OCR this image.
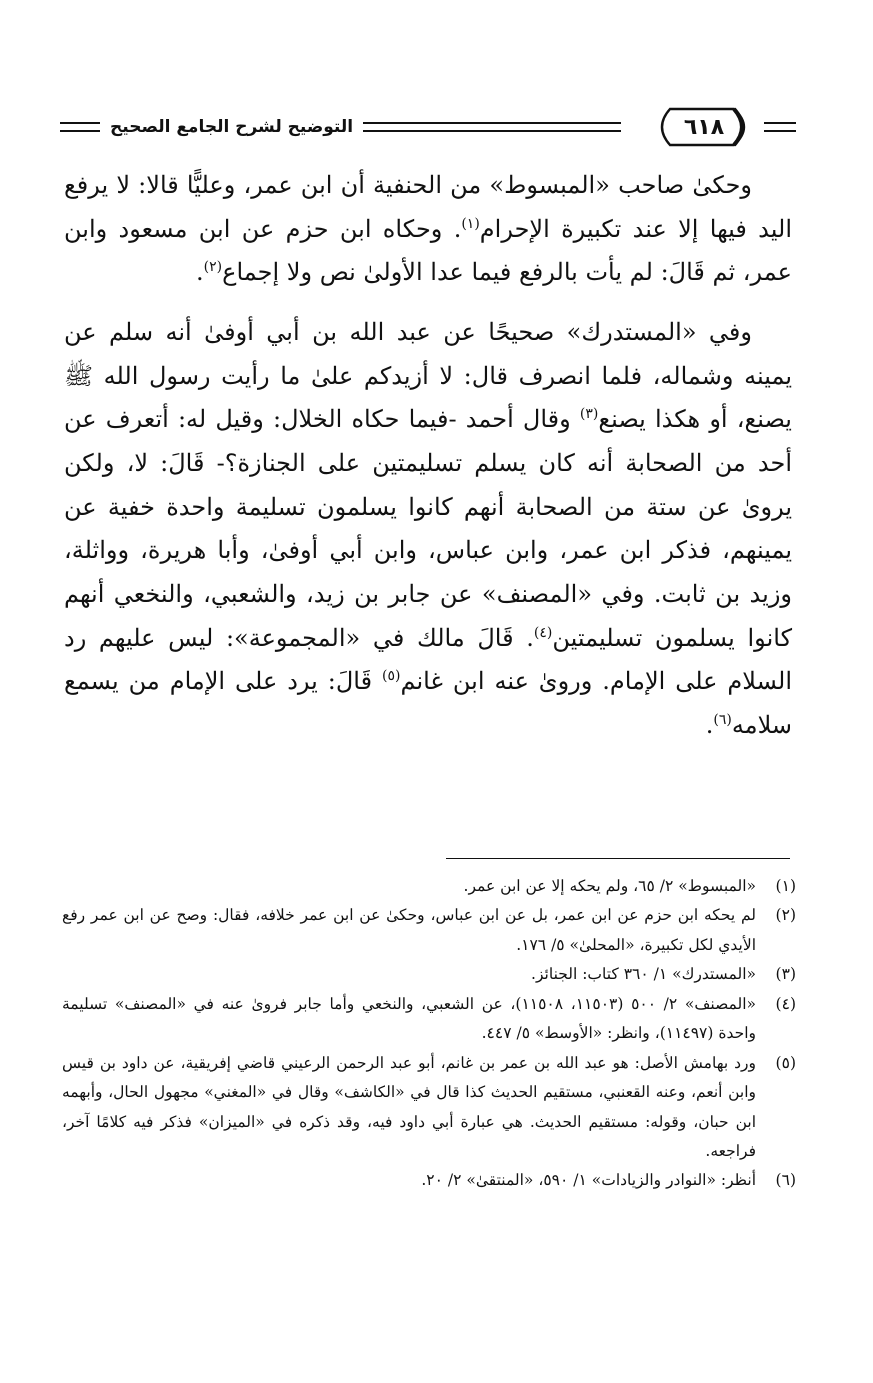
التوضيح لشرح الجامع الصحيح	٦١٨

وحكىٰ صاحب «المبسوط» من الحنفية أن ابن عمر، وعليًّا قالا: لا يرفع اليد فيها إلا عند تكبيرة الإحرام$^{(١)}$. وحكاه ابن حزم عن ابن مسعود وابن عمر، ثم قَالَ: لم يأت بالرفع فيما عدا الأولىٰ نص ولا إجماع$^{(٢)}$.

وفي «المستدرك» صحيحًا عن عبد الله بن أبي أوفىٰ أنه سلم عن يمينه وشماله، فلما انصرف قال: لا أزيدكم علىٰ ما رأيت رسول الله ﷺ يصنع، أو هكذا يصنع$^{(٣)}$ وقال أحمد -فيما حكاه الخلال: وقيل له: أتعرف عن أحد من الصحابة أنه كان يسلم تسليمتين على الجنازة؟- قَالَ: لا، ولكن يروىٰ عن ستة من الصحابة أنهم كانوا يسلمون تسليمة واحدة خفية عن يمينهم، فذكر ابن عمر، وابن عباس، وابن أبي أوفىٰ، وأبا هريرة، وواثلة، وزيد بن ثابت. وفي «المصنف» عن جابر بن زيد، والشعبي، والنخعي أنهم كانوا يسلمون تسليمتين$^{(٤)}$. قَالَ مالك في «المجموعة»: ليس عليهم رد السلام على الإمام. وروىٰ عنه ابن غانم$^{(٥)}$ قَالَ: يرد على الإمام من يسمع سلامه$^{(٦)}$.

(١)
«المبسوط» ٢/ ٦٥، ولم يحكه إلا عن ابن عمر.
(٢)
لم يحكه ابن حزم عن ابن عمر، بل عن ابن عباس، وحكىٰ عن ابن عمر خلافه، فقال: وصح عن ابن عمر رفع الأيدي لكل تكبيرة، «المحلىٰ» ٥/ ١٧٦.
(٣)
«المستدرك» ١/ ٣٦٠ كتاب: الجنائز.
(٤)
«المصنف» ٢/ ٥٠٠ (١١٥٠٣، ١١٥٠٨)، عن الشعبي، والنخعي وأما جابر فروىٰ عنه في «المصنف» تسليمة واحدة (١١٤٩٧)، وانظر: «الأوسط» ٥/ ٤٤٧.
(٥)
ورد بهامش الأصل: هو عبد الله بن عمر بن غانم، أبو عبد الرحمن الرعيني قاضي إفريقية، عن داود بن قيس وابن أنعم، وعنه القعنبي، مستقيم الحديث كذا قال في «الكاشف» وقال في «المغني» مجهول الحال، وأبهمه ابن حبان، وقوله: مستقيم الحديث. هي عبارة أبي داود فيه، وقد ذكره في «الميزان» فذكر فيه كلامًا آخر، فراجعه.
(٦)
أنظر: «النوادر والزيادات» ١/ ٥٩٠، «المنتقىٰ» ٢/ ٢٠.
